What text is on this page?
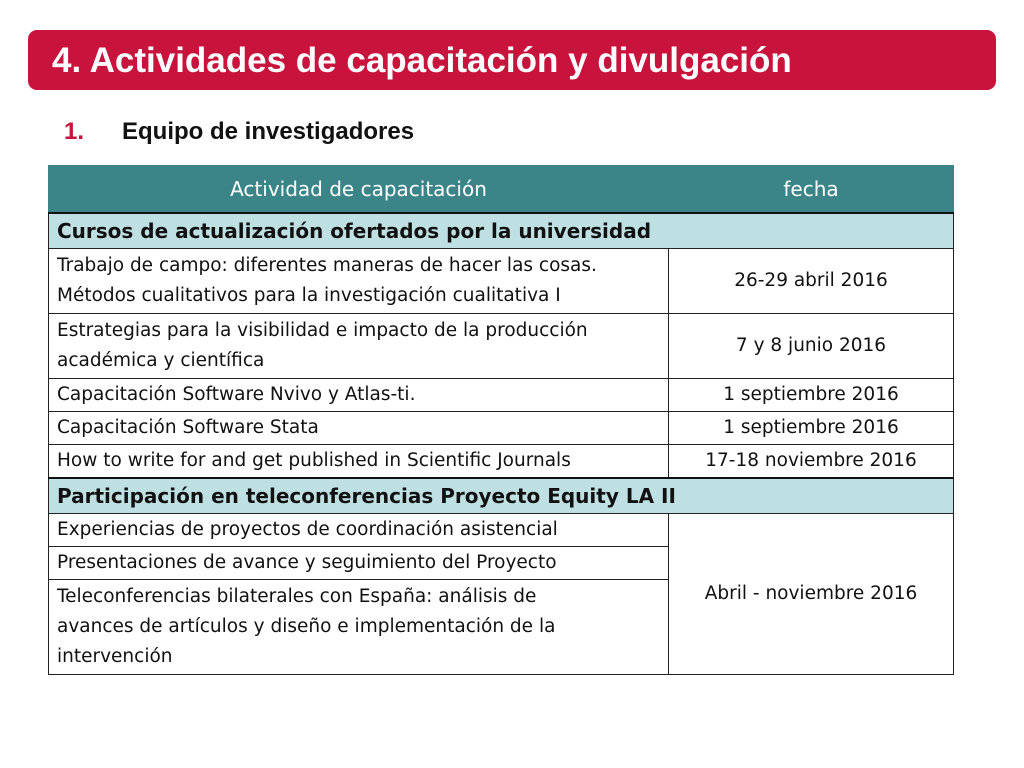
4. Actividades de capacitación y divulgación
1.	Equipo de investigadores
Actividad de capacitación	fecha
Cursos de actualización ofertados por la universidad	

Trabajo de campo: diferentes maneras de hacer las cosas.
Métodos cualitativos para la investigación cualitativa I	26-29 abril 2016

Estrategias para la visibilidad e impacto de la producción
académica y científica	7 y 8 junio 2016
Capacitación Software Nvivo y Atlas-ti.	1 septiembre 2016
Capacitación Software Stata	1 septiembre 2016
How to write for and get published in Scientific Journals	17-18 noviembre 2016
Participación en teleconferencias Proyecto Equity LA II	
Experiencias de proyectos de coordinación asistencial	Abril - noviembre 2016
Presentaciones de avance y seguimiento del Proyecto	

Teleconferencias bilaterales con España: análisis de
avances de artículos y diseño e implementación de la
intervención	
